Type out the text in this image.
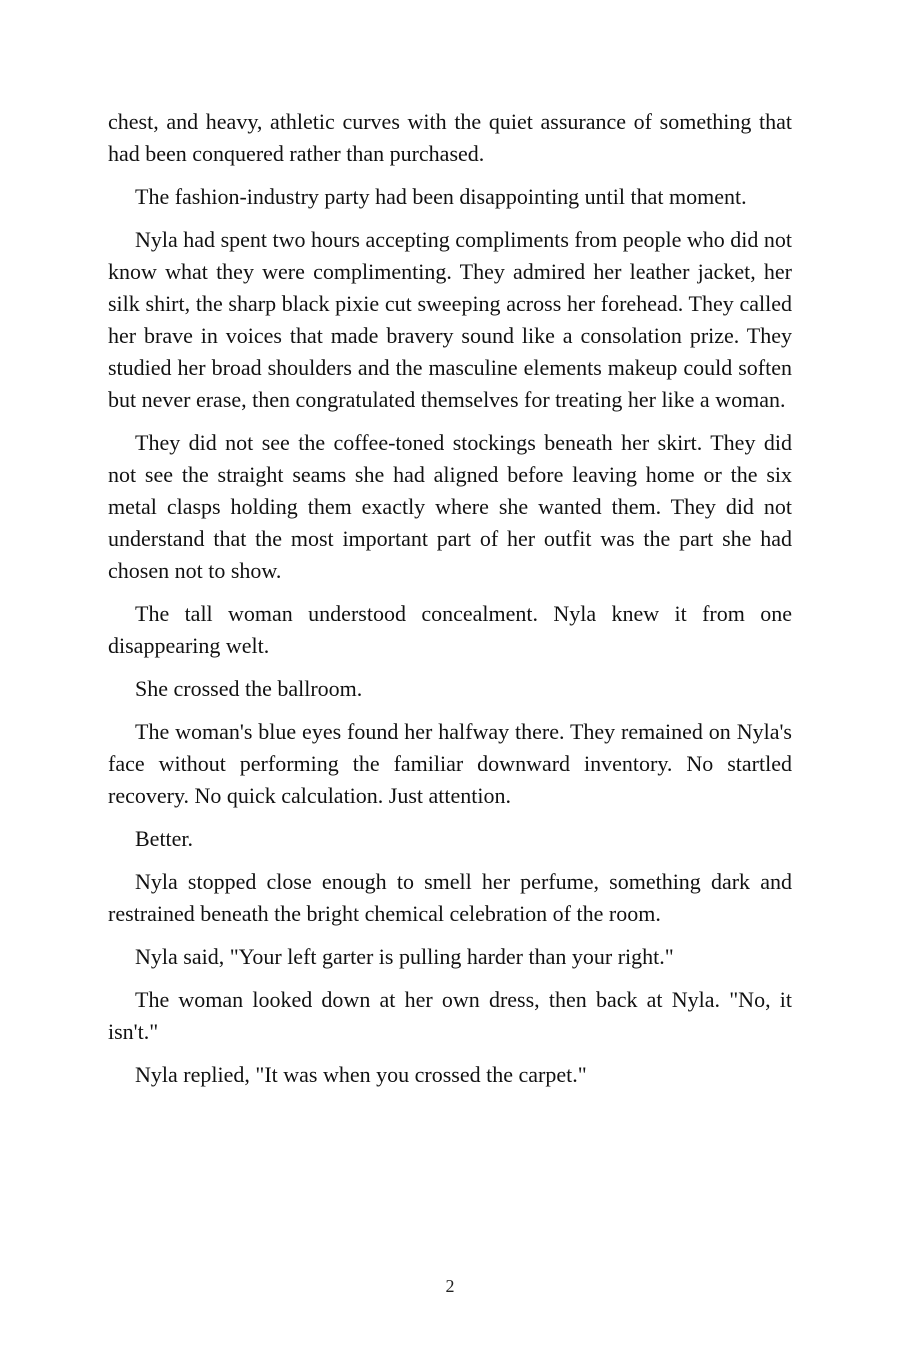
chest, and heavy, athletic curves with the quiet assurance of something that had been conquered rather than purchased.

The fashion-industry party had been disappointing until that moment.

Nyla had spent two hours accepting compliments from people who did not know what they were complimenting. They admired her leather jacket, her silk shirt, the sharp black pixie cut sweeping across her forehead. They called her brave in voices that made bravery sound like a consolation prize. They studied her broad shoulders and the masculine elements makeup could soften but never erase, then congratulated themselves for treating her like a woman.

They did not see the coffee-toned stockings beneath her skirt. They did not see the straight seams she had aligned before leaving home or the six metal clasps holding them exactly where she wanted them. They did not understand that the most important part of her outfit was the part she had chosen not to show.

The tall woman understood concealment. Nyla knew it from one disappearing welt.

She crossed the ballroom.

The woman's blue eyes found her halfway there. They remained on Nyla's face without performing the familiar downward inventory. No startled recovery. No quick calculation. Just attention.

Better.

Nyla stopped close enough to smell her perfume, something dark and restrained beneath the bright chemical celebration of the room.

Nyla said, "Your left garter is pulling harder than your right."

The woman looked down at her own dress, then back at Nyla. "No, it isn't."

Nyla replied, "It was when you crossed the carpet."

2
